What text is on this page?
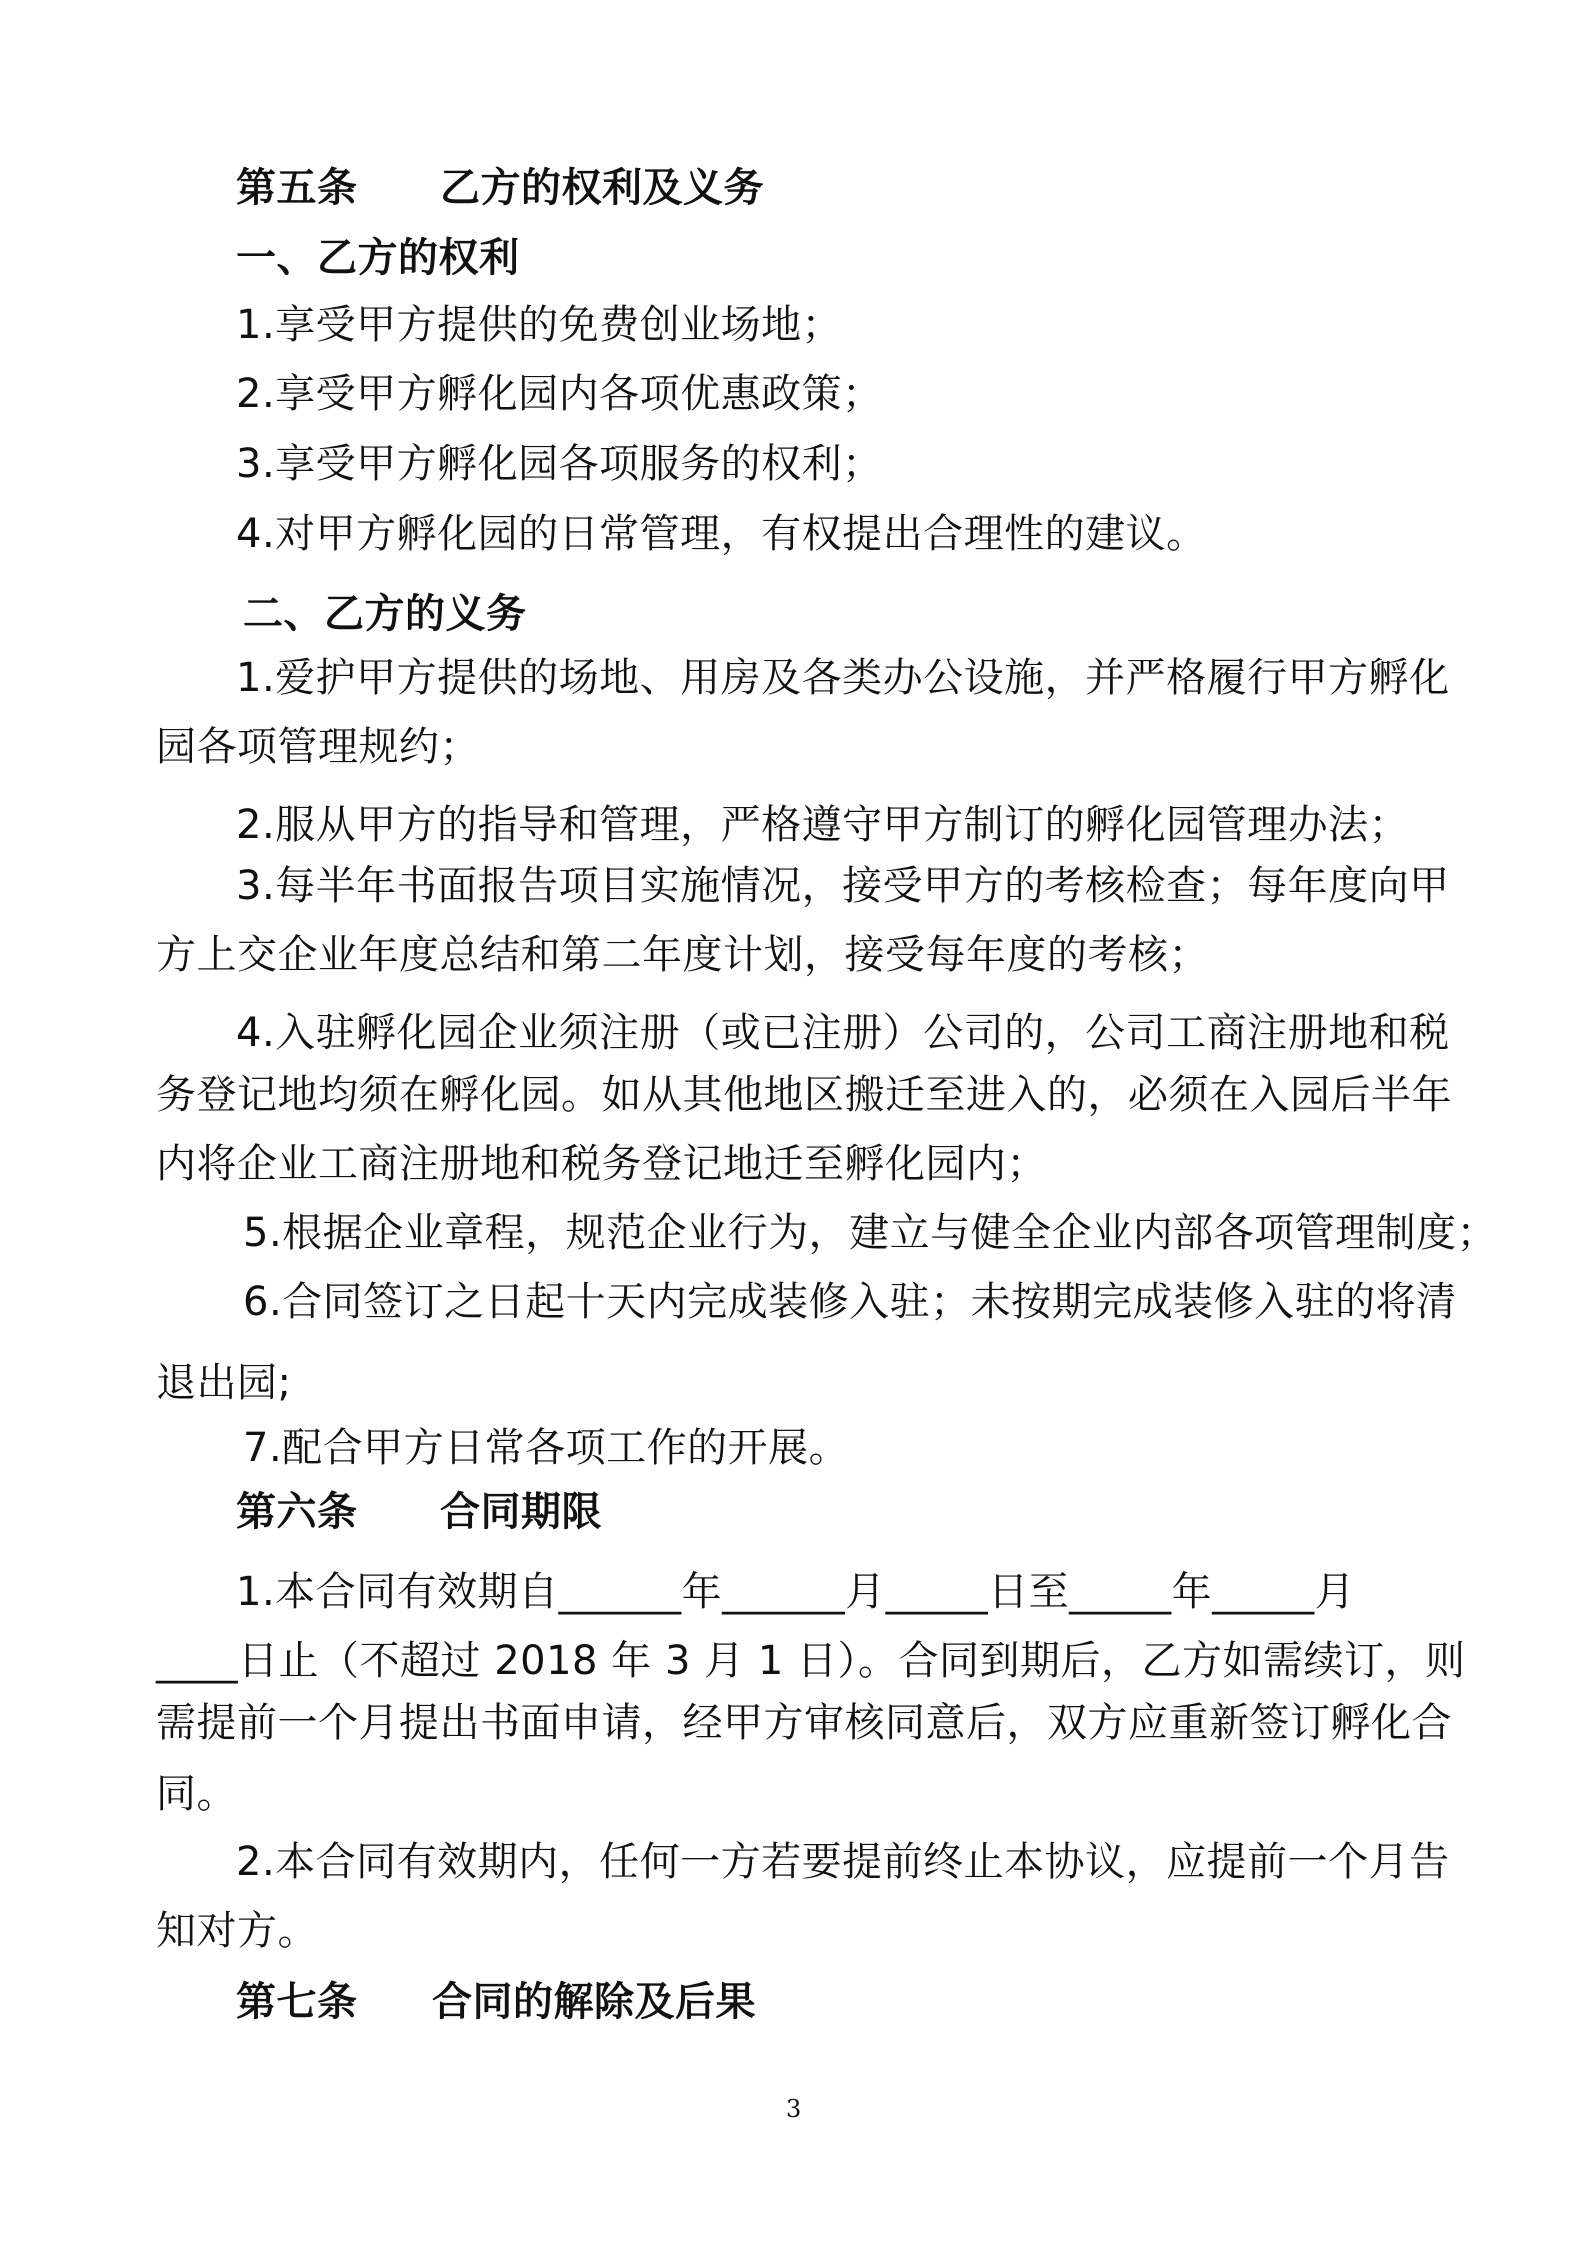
第五条 乙方的权利及义务
一、乙方的权利
1.享受甲方提供的免费创业场地；
2.享受甲方孵化园内各项优惠政策；
3.享受甲方孵化园各项服务的权利；
4.对甲方孵化园的日常管理，有权提出合理性的建议。
二、乙方的义务
1.爱护甲方提供的场地、用房及各类办公设施，并严格履行甲方孵化
园各项管理规约；
2.服从甲方的指导和管理，严格遵守甲方制订的孵化园管理办法；
3.每半年书面报告项目实施情况，接受甲方的考核检查；每年度向甲
方上交企业年度总结和第二年度计划，接受每年度的考核；
4.入驻孵化园企业须注册（或已注册）公司的，公司工商注册地和税
务登记地均须在孵化园。如从其他地区搬迁至进入的，必须在入园后半年
内将企业工商注册地和税务登记地迁至孵化园内；
5.根据企业章程，规范企业行为，建立与健全企业内部各项管理制度；
6.合同签订之日起十天内完成装修入驻；未按期完成装修入驻的将清
退出园;
7.配合甲方日常各项工作的开展。
第六条 合同期限
1.本合同有效期自______年______月_____日至_____年_____月
____日止（不超过 2018 年 3 月 1 日）。合同到期后，乙方如需续订，则
需提前一个月提出书面申请，经甲方审核同意后，双方应重新签订孵化合
同。
2.本合同有效期内，任何一方若要提前终止本协议，应提前一个月告
知对方。
第七条 合同的解除及后果
3
